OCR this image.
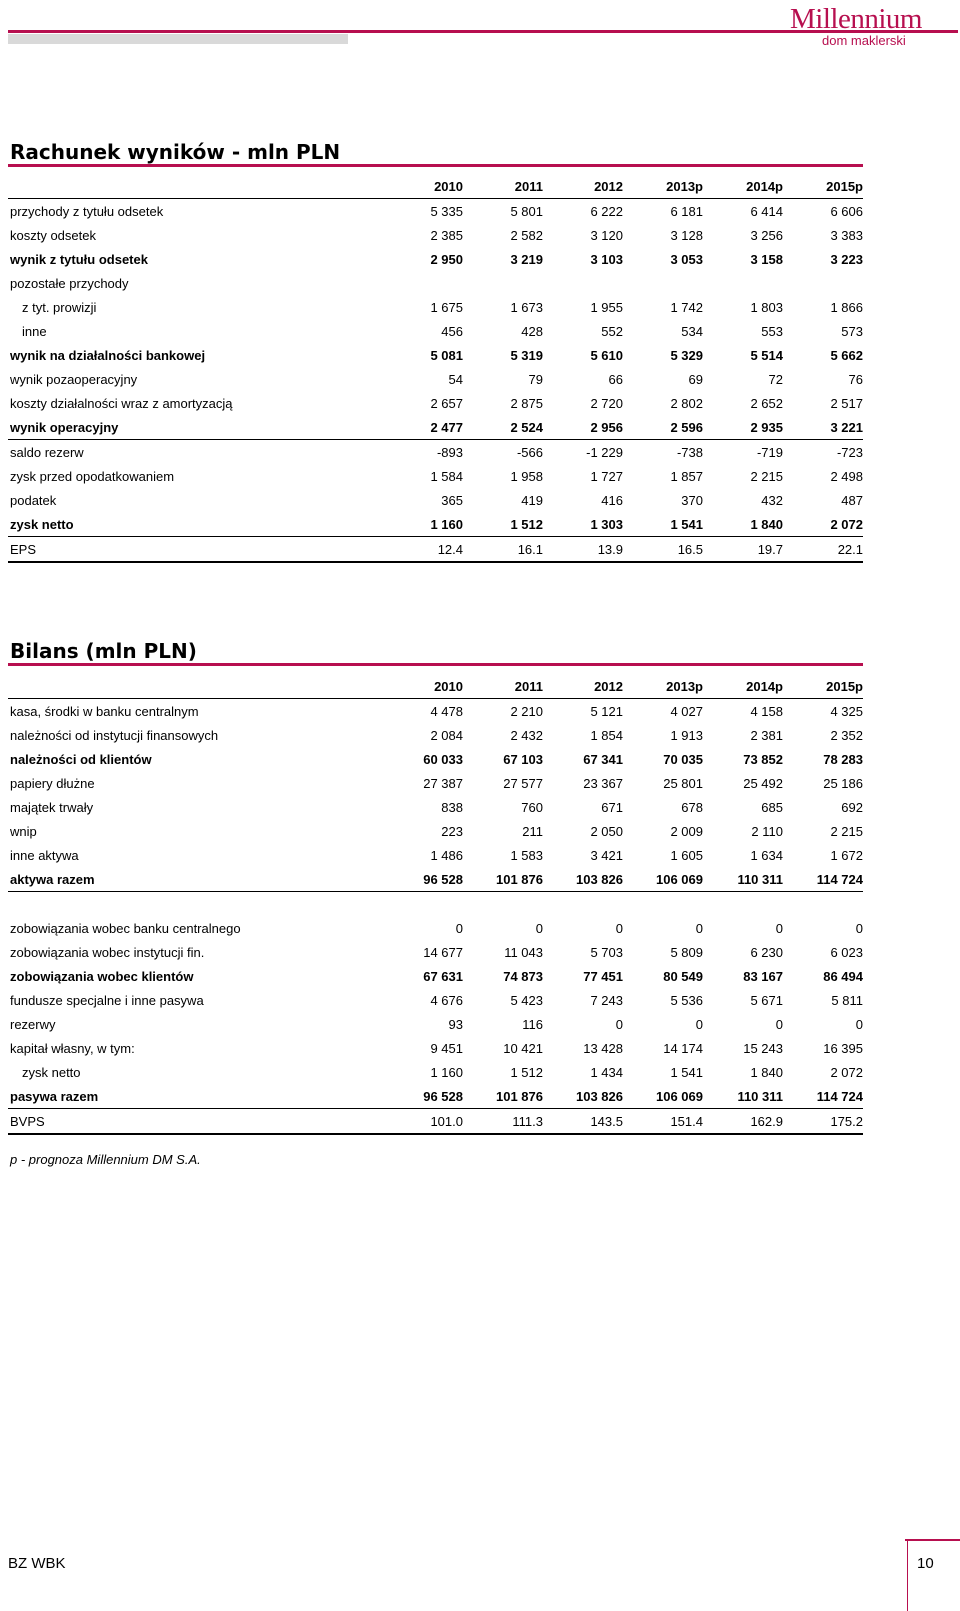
Millennium
dom maklerski
Rachunek wyników - mln PLN
	2010	2011	2012	2013p	2014p	2015p
przychody z tytułu odsetek	5 335	5 801	6 222	6 181	6 414	6 606
koszty odsetek	2 385	2 582	3 120	3 128	3 256	3 383
wynik z tytułu odsetek	2 950	3 219	3 103	3 053	3 158	3 223
pozostałe przychody						
z tyt. prowizji	1 675	1 673	1 955	1 742	1 803	1 866
inne	456	428	552	534	553	573
wynik na działalności bankowej	5 081	5 319	5 610	5 329	5 514	5 662
wynik pozaoperacyjny	54	79	66	69	72	76
koszty działalności wraz z amortyzacją	2 657	2 875	2 720	2 802	2 652	2 517
wynik operacyjny	2 477	2 524	2 956	2 596	2 935	3 221
saldo rezerw	-893	-566	-1 229	-738	-719	-723
zysk przed opodatkowaniem	1 584	1 958	1 727	1 857	2 215	2 498
podatek	365	419	416	370	432	487
zysk netto	1 160	1 512	1 303	1 541	1 840	2 072
EPS	12.4	16.1	13.9	16.5	19.7	22.1
Bilans (mln PLN)
	2010	2011	2012	2013p	2014p	2015p
kasa, środki w banku centralnym	4 478	2 210	5 121	4 027	4 158	4 325
należności od instytucji finansowych	2 084	2 432	1 854	1 913	2 381	2 352
należności od klientów	60 033	67 103	67 341	70 035	73 852	78 283
papiery dłużne	27 387	27 577	23 367	25 801	25 492	25 186
majątek trwały	838	760	671	678	685	692
wnip	223	211	2 050	2 009	2 110	2 215
inne aktywa	1 486	1 583	3 421	1 605	1 634	1 672
aktywa razem	96 528	101 876	103 826	106 069	110 311	114 724

zobowiązania wobec banku centralnego	0	0	0	0	0	0
zobowiązania wobec instytucji fin.	14 677	11 043	5 703	5 809	6 230	6 023
zobowiązania wobec klientów	67 631	74 873	77 451	80 549	83 167	86 494
fundusze specjalne i inne pasywa	4 676	5 423	7 243	5 536	5 671	5 811
rezerwy	93	116	0	0	0	0
kapitał własny, w tym:	9 451	10 421	13 428	14 174	15 243	16 395
zysk netto	1 160	1 512	1 434	1 541	1 840	2 072
pasywa razem	96 528	101 876	103 826	106 069	110 311	114 724
BVPS	101.0	111.3	143.5	151.4	162.9	175.2
p - prognoza Millennium DM S.A.
BZ WBK	10
